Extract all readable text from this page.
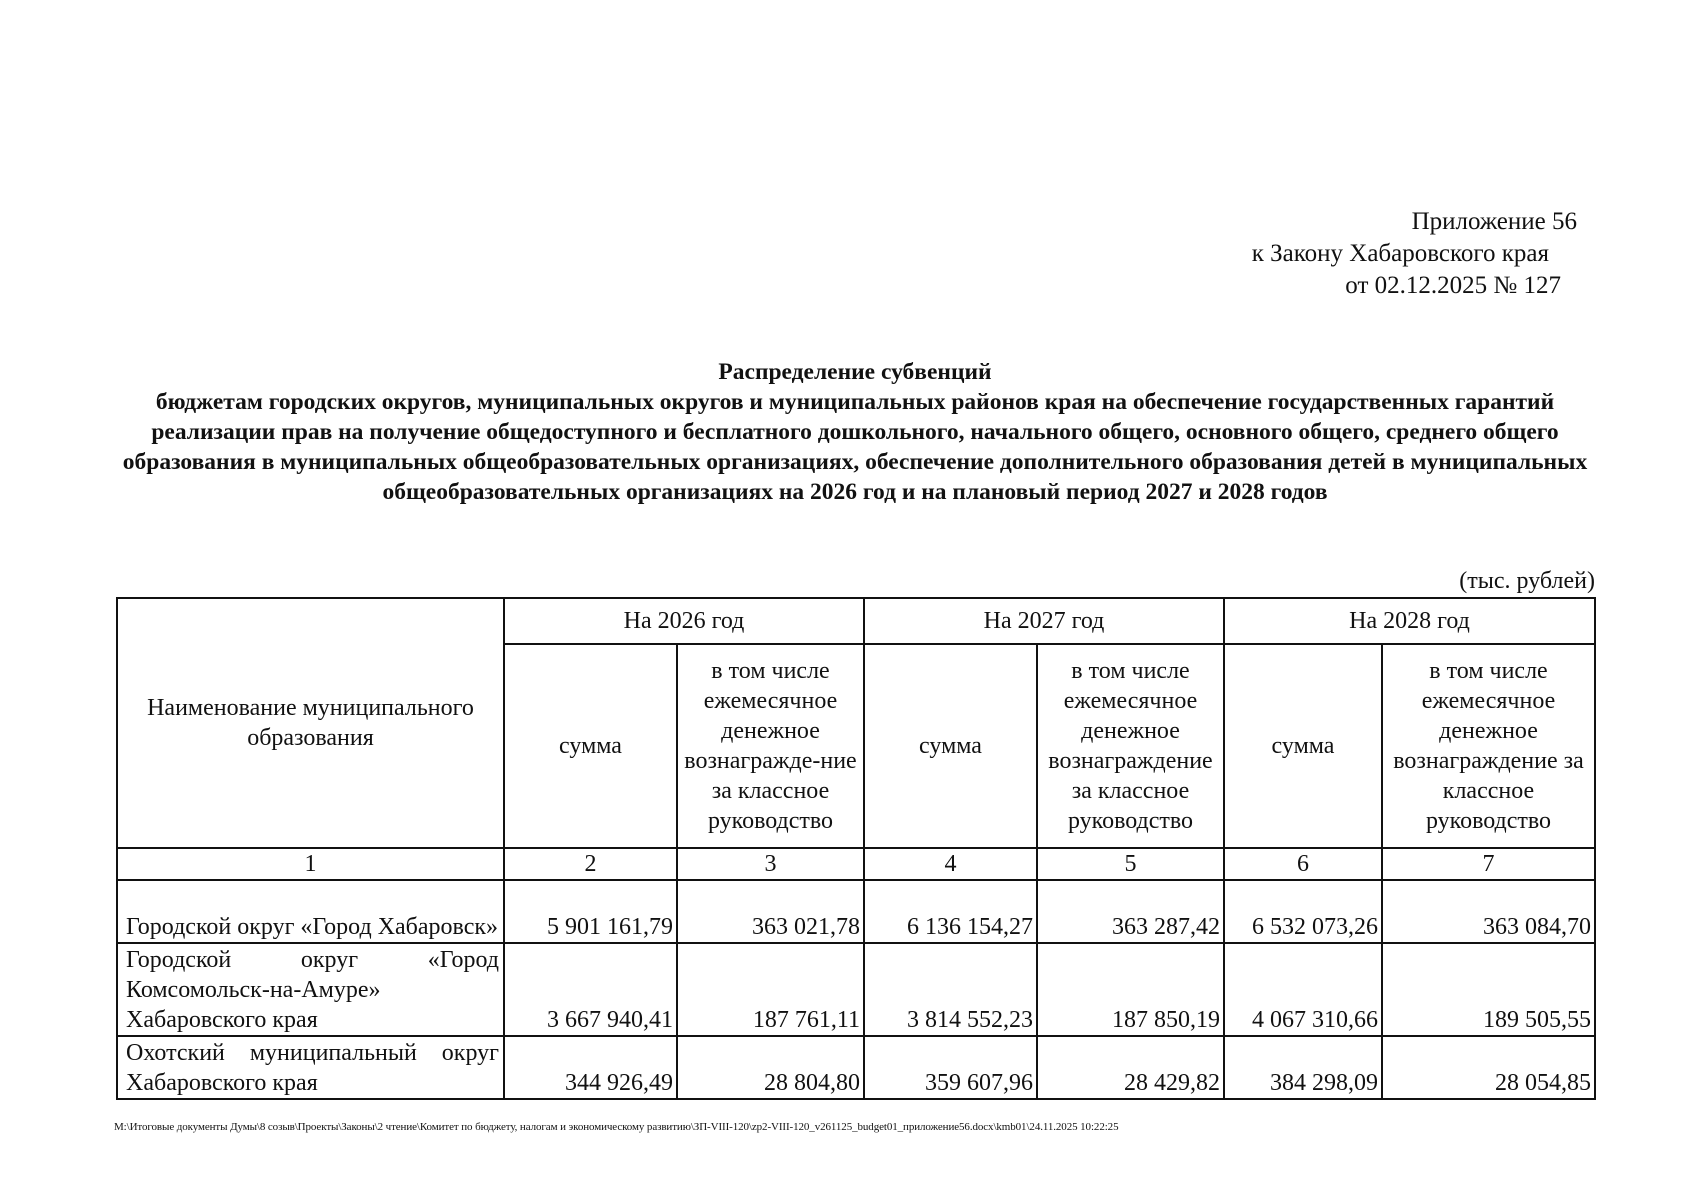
Приложение 56
к Закону Хабаровского края
от 02.12.2025 № 127
Распределение субвенций
бюджетам городских округов, муниципальных округов и муниципальных районов края на обеспечение государственных гарантий реализации прав на получение общедоступного и бесплатного дошкольного, начального общего, основного общего, среднего общего образования в муниципальных общеобразовательных организациях, обеспечение дополнительного образования детей в муниципальных общеобразовательных организациях на 2026 год и на плановый период 2027 и 2028 годов
(тыс. рублей)
Наименование муниципального образования	На 2026 год		На 2027 год		На 2028 год	
	сумма	в том числе ежемесячное денежное вознагражде-ние за классное руководство	сумма	в том числе ежемесячное денежное вознаграждение за классное руководство	сумма	в том числе ежемесячное денежное вознаграждение за классное руководство
1	2	3	4	5	6	7
Городской округ «Город Хабаровск»	5 901 161,79	363 021,78	6 136 154,27	363 287,42	6 532 073,26	363 084,70
Городской округ «Город Комсомольск-на-Амуре» Хабаровского края	3 667 940,41	187 761,11	3 814 552,23	187 850,19	4 067 310,66	189 505,55
Охотский муниципальный округ Хабаровского края	344 926,49	28 804,80	359 607,96	28 429,82	384 298,09	28 054,85
М:\Итоговые документы Думы\8 созыв\Проекты\Законы\2 чтение\Комитет по бюджету, налогам и экономическому развитию\ЗП-VIII-120\zp2-VIII-120_v261125_budget01_приложение56.docx\kmb01\24.11.2025 10:22:25
